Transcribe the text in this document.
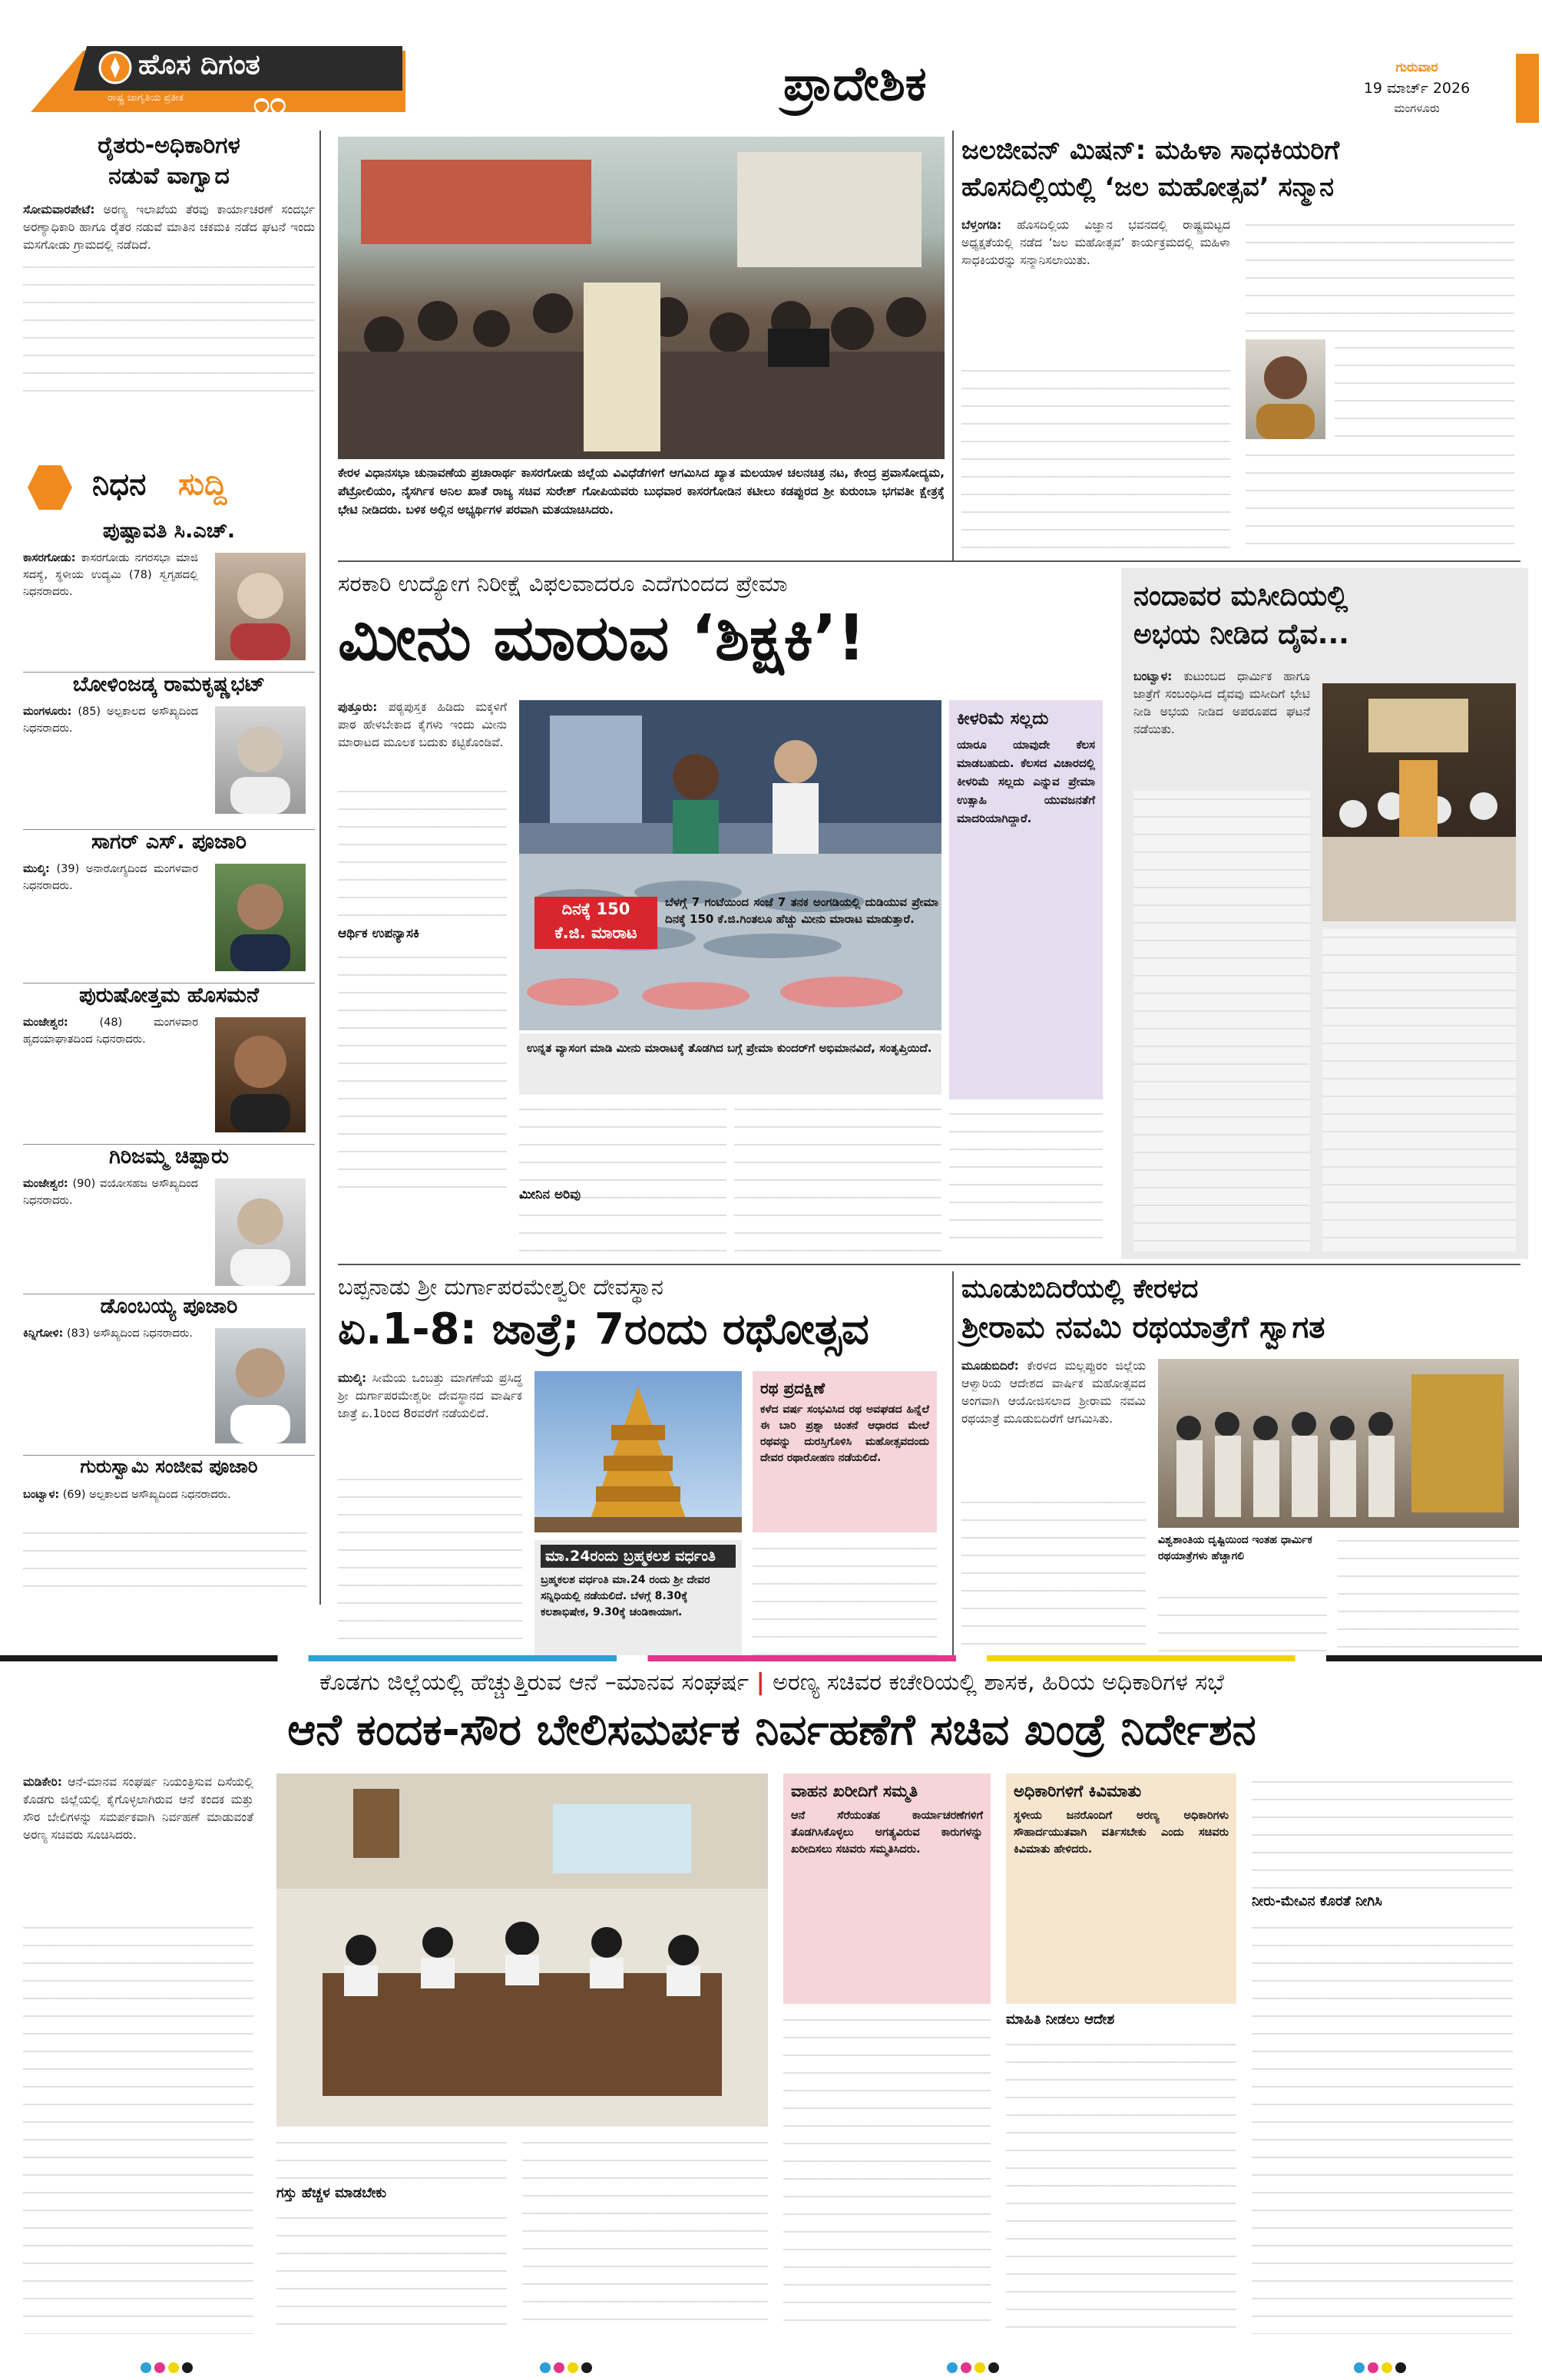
ಹೊಸ ದಿಗಂತ
ರಾಷ್ಟ್ರ ಜಾಗೃತಿಯ ಪ್ರತೀಕ	೧೧	ಪ್ರಾದೇಶಿಕ	ಗುರುವಾರ
19 ಮಾರ್ಚ್ 2026
ಮಂಗಳೂರು
ರೈತರು-ಅಧಿಕಾರಿಗಳ
ನಡುವೆ ವಾಗ್ವಾದ
ಸೋಮವಾರಪೇಟೆ: ಅರಣ್ಯ ಇಲಾಖೆಯ ತೆರವು ಕಾರ್ಯಾಚರಣೆ ಸಂದರ್ಭ ಅರಣ್ಯಾಧಿಕಾರಿ ಹಾಗೂ ರೈತರ ನಡುವೆ ಮಾತಿನ ಚಕಮಕಿ ನಡೆದ ಘಟನೆ ಇಂದು ಮಸಗೋಡು ಗ್ರಾಮದಲ್ಲಿ ನಡೆದಿದೆ.
ನಿಧನ	ಸುದ್ದಿ
ಪುಷ್ಪಾವತಿ ಸಿ.ಎಚ್.
ಕಾಸರಗೋಡು: ಕಾಸರಗೋಡು ನಗರಸಭಾ ಮಾಜಿ ಸದಸ್ಯೆ, ಸ್ಥಳೀಯ ಉದ್ಯಮಿ (78) ಸ್ವಗೃಹದಲ್ಲಿ ನಿಧನರಾದರು.
ಬೋಳಿಂಜಡ್ಕ ರಾಮಕೃಷ್ಣಭಟ್
ಮಂಗಳೂರು: (85) ಅಲ್ಪಕಾಲದ ಅಸೌಖ್ಯದಿಂದ ನಿಧನರಾದರು.
ಸಾಗರ್ ಎಸ್. ಪೂಜಾರಿ
ಮುಲ್ಕಿ: (39) ಅನಾರೋಗ್ಯದಿಂದ ಮಂಗಳವಾರ ನಿಧನರಾದರು.
ಪುರುಷೋತ್ತಮ ಹೊಸಮನೆ
ಮಂಜೇಶ್ವರ:	(48) ಮಂಗಳವಾರ ಹೃದಯಾಘಾತದಿಂದ ನಿಧನರಾದರು.
ಗಿರಿಜಮ್ಮ ಚಿಪ್ಪಾರು
ಮಂಜೇಶ್ವರ: (90) ವಯೋಸಹಜ ಅಸೌಖ್ಯದಿಂದ ನಿಧನರಾದರು.
ಡೊಂಬಯ್ಯ ಪೂಜಾರಿ
ಕಿನ್ನಿಗೋಳಿ: (83) ಅಸೌಖ್ಯದಿಂದ ನಿಧನರಾದರು.
ಗುರುಸ್ವಾಮಿ ಸಂಜೀವ ಪೂಜಾರಿ
ಬಂಟ್ವಾಳ: (69) ಅಲ್ಪಕಾಲದ ಅಸೌಖ್ಯದಿಂದ ನಿಧನರಾದರು.
ಕೇರಳ ವಿಧಾನಸಭಾ ಚುನಾವಣೆಯ ಪ್ರಚಾರಾರ್ಥ ಕಾಸರಗೋಡು ಜಿಲ್ಲೆಯ ವಿವಿಧೆಡೆಗಳಿಗೆ ಆಗಮಿಸಿದ ಖ್ಯಾತ ಮಲಯಾಳ ಚಲನಚಿತ್ರ ನಟ, ಕೇಂದ್ರ ಪ್ರವಾಸೋದ್ಯಮ, ಪೆಟ್ರೋಲಿಯಂ, ನೈಸರ್ಗಿಕ ಅನಿಲ ಖಾತೆ ರಾಜ್ಯ ಸಚಿವ ಸುರೇಶ್ ಗೋಪಿಯವರು ಬುಧವಾರ ಕಾಸರಗೋಡಿನ ಕಟೀಲು ಕಡಪ್ಪುರದ ಶ್ರೀ ಕುರುಂಬಾ ಭಗವತೀ ಕ್ಷೇತ್ರಕ್ಕೆ ಭೇಟಿ ನೀಡಿದರು. ಬಳಿಕ ಅಲ್ಲಿನ ಅಭ್ಯರ್ಥಿಗಳ ಪರವಾಗಿ ಮತಯಾಚಿಸಿದರು.
ಜಲಜೀವನ್ ಮಿಷನ್: ಮಹಿಳಾ ಸಾಧಕಿಯರಿಗೆ
ಹೊಸದಿಲ್ಲಿಯಲ್ಲಿ ‘ಜಲ ಮಹೋತ್ಸವ’ ಸನ್ಮಾನ
ಬೆಳ್ತಂಗಡಿ: ಹೊಸದಿಲ್ಲಿಯ ವಿಜ್ಞಾನ ಭವನದಲ್ಲಿ ರಾಷ್ಟ್ರಮಟ್ಟದ ಅಧ್ಯಕ್ಷತೆಯಲ್ಲಿ ನಡೆದ ‘ಜಲ ಮಹೋತ್ಸವ’ ಕಾರ್ಯಕ್ರಮದಲ್ಲಿ ಮಹಿಳಾ ಸಾಧಕಿಯರನ್ನು ಸನ್ಮಾನಿಸಲಾಯಿತು.
ಸರಕಾರಿ ಉದ್ಯೋಗ ನಿರೀಕ್ಷೆ ವಿಫಲವಾದರೂ ಎದೆಗುಂದದ ಪ್ರೇಮಾ
ಮೀನು ಮಾರುವ ‘ಶಿಕ್ಷಕಿ’!
ಪುತ್ತೂರು: ಪಠ್ಯಪುಸ್ತಕ ಹಿಡಿದು ಮಕ್ಕಳಿಗೆ ಪಾಠ ಹೇಳಬೇಕಾದ ಕೈಗಳು ಇಂದು ಮೀನು ಮಾರಾಟದ ಮೂಲಕ ಬದುಕು ಕಟ್ಟಿಕೊಂಡಿವೆ.
ಆರ್ಥಿಕ ಉಪನ್ಯಾಸಕಿ
ದಿನಕ್ಕೆ 150
ಕೆ.ಜಿ. ಮಾರಾಟ
ಬೆಳಗ್ಗೆ 7 ಗಂಟೆಯಿಂದ ಸಂಜೆ 7 ತನಕ ಅಂಗಡಿಯಲ್ಲಿ ದುಡಿಯುವ ಪ್ರೇಮಾ ದಿನಕ್ಕೆ 150 ಕೆ.ಜಿ.ಗಿಂತಲೂ ಹೆಚ್ಚು ಮೀನು ಮಾರಾಟ ಮಾಡುತ್ತಾರೆ.
ಉನ್ನತ ವ್ಯಾಸಂಗ ಮಾಡಿ ಮೀನು ಮಾರಾಟಕ್ಕೆ ತೊಡಗಿದ ಬಗ್ಗೆ ಪ್ರೇಮಾ ಕುಂದರ್‌ಗೆ ಅಭಿಮಾನವಿದೆ, ಸಂತೃಪ್ತಿಯಿದೆ.
ಮೀನಿನ ಅರಿವು
ಕೀಳರಿಮೆ ಸಲ್ಲದು
ಯಾರೂ ಯಾವುದೇ ಕೆಲಸ ಮಾಡಬಹುದು. ಕೆಲಸದ ವಿಚಾರದಲ್ಲಿ ಕೀಳರಿಮೆ ಸಲ್ಲದು ಎನ್ನುವ ಪ್ರೇಮಾ ಉತ್ಸಾಹಿ ಯುವಜನತೆಗೆ ಮಾದರಿಯಾಗಿದ್ದಾರೆ.
ನಂದಾವರ ಮಸೀದಿಯಲ್ಲಿ
ಅಭಯ ನೀಡಿದ ದೈವ...
ಬಂಟ್ವಾಳ: ಕುಟುಂಬದ ಧಾರ್ಮಿಕ ಹಾಗೂ ಜಾತ್ರೆಗೆ ಸಂಬಂಧಿಸಿದ ದೈವವು ಮಸೀದಿಗೆ ಭೇಟಿ ನೀಡಿ ಅಭಯ ನೀಡಿದ ಅಪರೂಪದ ಘಟನೆ ನಡೆಯಿತು.
ಬಪ್ಪನಾಡು ಶ್ರೀ ದುರ್ಗಾಪರಮೇಶ್ವರೀ ದೇವಸ್ಥಾನ
ಏ.1-8: ಜಾತ್ರೆ; 7ರಂದು ರಥೋತ್ಸವ
ಮುಲ್ಕಿ: ಸೀಮೆಯ ಒಂಬತ್ತು ಮಾಗಣೆಯ ಪ್ರಸಿದ್ಧ ಶ್ರೀ ದುರ್ಗಾಪರಮೇಶ್ವರೀ ದೇವಸ್ಥಾನದ ವಾರ್ಷಿಕ ಜಾತ್ರೆ ಏ.1ರಿಂದ 8ರವರೆಗೆ ನಡೆಯಲಿದೆ.
ಮಾ.24ರಂದು ಬ್ರಹ್ಮಕಲಶ ವರ್ಧಂತಿ
ಬ್ರಹ್ಮಕಲಶ ವರ್ಧಂತಿ ಮಾ.24 ರಂದು ಶ್ರೀ ದೇವರ ಸನ್ನಿಧಿಯಲ್ಲಿ ನಡೆಯಲಿದೆ. ಬೆಳಗ್ಗೆ 8.30ಕ್ಕೆ ಕಲಶಾಭಿಷೇಕ, 9.30ಕ್ಕೆ ಚಂಡಿಕಾಯಾಗ.
ರಥ ಪ್ರದಕ್ಷಿಣೆ
ಕಳೆದ ವರ್ಷ ಸಂಭವಿಸಿದ ರಥ ಅವಘಡದ ಹಿನ್ನೆಲೆ ಈ ಬಾರಿ ಪ್ರಶ್ನಾ ಚಿಂತನೆ ಆಧಾರದ ಮೇಲೆ ರಥವನ್ನು ದುರಸ್ತಿಗೊಳಿಸಿ ಮಹೋತ್ಸವದಂದು ದೇವರ ರಥಾರೋಹಣ ನಡೆಯಲಿದೆ.
ಮೂಡುಬಿದಿರೆಯಲ್ಲಿ ಕೇರಳದ
ಶ್ರೀರಾಮ ನವಮಿ ರಥಯಾತ್ರೆಗೆ ಸ್ವಾಗತ
ಮೂಡುಬಿದಿರೆ: ಕೇರಳದ ಮಲ್ಲಪ್ಪುರಂ ಜಿಲ್ಲೆಯ ಆಳ್ವಾರಿಯ ಆದೇಶದ ವಾರ್ಷಿಕ ಮಹೋತ್ಸವದ ಅಂಗವಾಗಿ ಆಯೋಜಿಸಲಾದ ಶ್ರೀರಾಮ ನವಮಿ ರಥಯಾತ್ರೆ ಮೂಡುಬಿದಿರೆಗೆ ಆಗಮಿಸಿತು.
ವಿಶ್ವಶಾಂತಿಯ ದೃಷ್ಟಿಯಿಂದ ಇಂತಹ ಧಾರ್ಮಿಕ ರಥಯಾತ್ರೆಗಳು ಹೆಚ್ಚಾಗಲಿ
ಕೊಡಗು ಜಿಲ್ಲೆಯಲ್ಲಿ ಹೆಚ್ಚುತ್ತಿರುವ ಆನೆ –ಮಾನವ ಸಂಘರ್ಷ | ಅರಣ್ಯ ಸಚಿವರ ಕಚೇರಿಯಲ್ಲಿ ಶಾಸಕ, ಹಿರಿಯ ಅಧಿಕಾರಿಗಳ ಸಭೆ
ಆನೆ ಕಂದಕ-ಸೌರ ಬೇಲಿಸಮರ್ಪಕ ನಿರ್ವಹಣೆಗೆ ಸಚಿವ ಖಂಡ್ರೆ ನಿರ್ದೇಶನ
ಮಡಿಕೇರಿ: ಆನೆ-ಮಾನವ ಸಂಘರ್ಷ ನಿಯಂತ್ರಿಸುವ ದಿಸೆಯಲ್ಲಿ ಕೊಡಗು ಜಿಲ್ಲೆಯಲ್ಲಿ ಕೈಗೊಳ್ಳಲಾಗಿರುವ ಆನೆ ಕಂದಕ ಮತ್ತು ಸೌರ ಬೇಲಿಗಳನ್ನು ಸಮರ್ಪಕವಾಗಿ ನಿರ್ವಹಣೆ ಮಾಡುವಂತೆ ಅರಣ್ಯ ಸಚಿವರು ಸೂಚಿಸಿದರು.
ಗಸ್ತು ಹೆಚ್ಚಳ ಮಾಡಬೇಕು
ವಾಹನ ಖರೀದಿಗೆ ಸಮ್ಮತಿ
ಆನೆ ಸೆರೆಯಂತಹ ಕಾರ್ಯಾಚರಣೆಗಳಿಗೆ ತೊಡಗಿಸಿಕೊಳ್ಳಲು ಅಗತ್ಯವಿರುವ ಕಾರುಗಳನ್ನು ಖರೀದಿಸಲು ಸಚಿವರು ಸಮ್ಮತಿಸಿದರು.
ಅಧಿಕಾರಿಗಳಿಗೆ ಕಿವಿಮಾತು
ಸ್ಥಳೀಯ ಜನರೊಂದಿಗೆ ಅರಣ್ಯ ಅಧಿಕಾರಿಗಳು ಸೌಹಾರ್ದಯುತವಾಗಿ ವರ್ತಿಸಬೇಕು ಎಂದು ಸಚಿವರು ಕಿವಿಮಾತು ಹೇಳಿದರು.
ಮಾಹಿತಿ ನೀಡಲು ಆದೇಶ
ನೀರು-ಮೇವಿನ ಕೊರತೆ ನೀಗಿಸಿ
